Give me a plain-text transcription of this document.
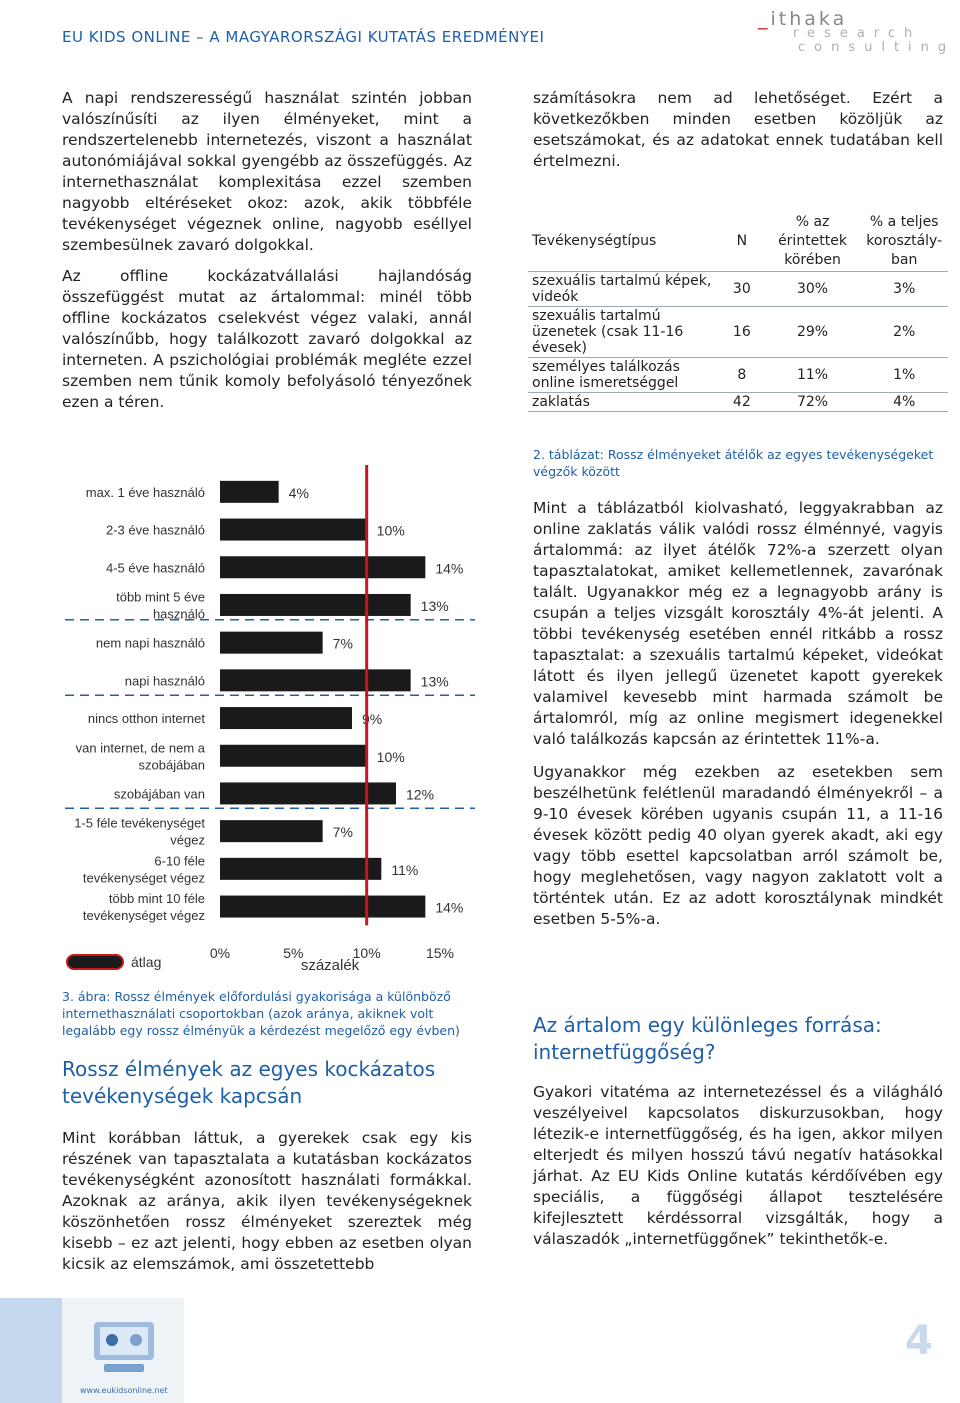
EU KIDS ONLINE – A MAGYARORSZÁGI KUTATÁS EREDMÉNYEI
_ithaka
research
consulting

A napi rendszerességű használat szintén jobban valószínűsíti az ilyen élményeket, mint a rendszertelenebb internetezés, viszont a használat autonómiájával sokkal gyengébb az összefüggés. Az internethasználat komplexitása ezzel szemben nagyobb eltéréseket okoz: azok, akik többféle tevékenységet végeznek online, nagyobb eséllyel szembesülnek zavaró dolgokkal.

Az offline kockázatvállalási hajlandóság összefüggést mutat az ártalommal: minél több offline kockázatos cselekvést végez valaki, annál valószínűbb, hogy találkozott zavaró dolgokkal az interneten. A pszichológiai problémák megléte ezzel szemben nem tűnik komoly befolyásoló tényezőnek ezen a téren.

max. 1 éve használó	4%
2-3 éve használó	10%
4-5 éve használó	14%
több mint 5 éve használó	13%
nem napi használó	7%
napi használó	13%
nincs otthon internet	9%
van internet, de nem a szobájában	10%
szobájában van	12%
1-5 féle tevékenységet végez	7%
6-10 féle tevékenységet végez	11%
több mint 10 féle tevékenységet végez	14%
0%	5%	10%	15%
százalék
átlag

3. ábra: Rossz élmények előfordulási gyakorisága a különböző internethasználati csoportokban (azok aránya, akiknek volt legalább egy rossz élményük a kérdezést megelőző egy évben)

Rossz élmények az egyes kockázatos tevékenységek kapcsán

Mint korábban láttuk, a gyerekek csak egy kis részének van tapasztalata a kutatásban kockázatos tevékenységként azonosított használati formákkal. Azoknak az aránya, akik ilyen tevékenységeknek köszönhetően rossz élményeket szereztek még kisebb – ez azt jelenti, hogy ebben az esetben olyan kicsik az elemszámok, ami összetettebb

számításokra nem ad lehetőséget. Ezért a következőkben minden esetben közöljük az esetszámokat, és az adatokat ennek tudatában kell értelmezni.

Tevékenységtípus	N	% az érintettek körében	% a teljes korosztály-ban
szexuális tartalmú képek, videók	30	30%	3%
szexuális tartalmú üzenetek (csak 11-16 évesek)	16	29%	2%
személyes találkozás online ismeretséggel	8	11%	1%
zaklatás	42	72%	4%

2. táblázat: Rossz élményeket átélők az egyes tevékenységeket végzők között

Mint a táblázatból kiolvasható, leggyakrabban az online zaklatás válik valódi rossz élménnyé, vagyis ártalommá: az ilyet átélők 72%-a szerzett olyan tapasztalatokat, amiket kellemetlennek, zavarónak talált. Ugyanakkor még ez a legnagyobb arány is csupán a teljes vizsgált korosztály 4%-át jelenti. A többi tevékenység esetében ennél ritkább a rossz tapasztalat: a szexuális tartalmú képeket, videókat látott és ilyen jellegű üzenetet kapott gyerekek valamivel kevesebb mint harmada számolt be ártalomról, míg az online megismert idegenekkel való találkozás kapcsán az érintettek 11%-a.

Ugyanakkor még ezekben az esetekben sem beszélhetünk felétlenül maradandó élményekről – a 9-10 évesek körében ugyanis csupán 11, a 11-16 évesek között pedig 40 olyan gyerek akadt, aki egy vagy több esettel kapcsolatban arról számolt be, hogy meglehetősen, vagy nagyon zaklatott volt a történtek után. Ez az adott korosztálynak mindkét esetben 5-5%-a.

Az ártalom egy különleges forrása: internetfüggőség?

Gyakori vitatéma az internetezéssel és a világháló veszélyeivel kapcsolatos diskurzusokban, hogy létezik-e internetfüggőség, és ha igen, akkor milyen elterjedt és milyen hosszú távú negatív hatásokkal járhat. Az EU Kids Online kutatás kérdőívében egy speciális, a függőségi állapot tesztelésére kifejlesztett kérdéssorral vizsgálták, hogy a válaszadók „internetfüggőnek” tekinthetők-e.

www.eukidsonline.net
4
